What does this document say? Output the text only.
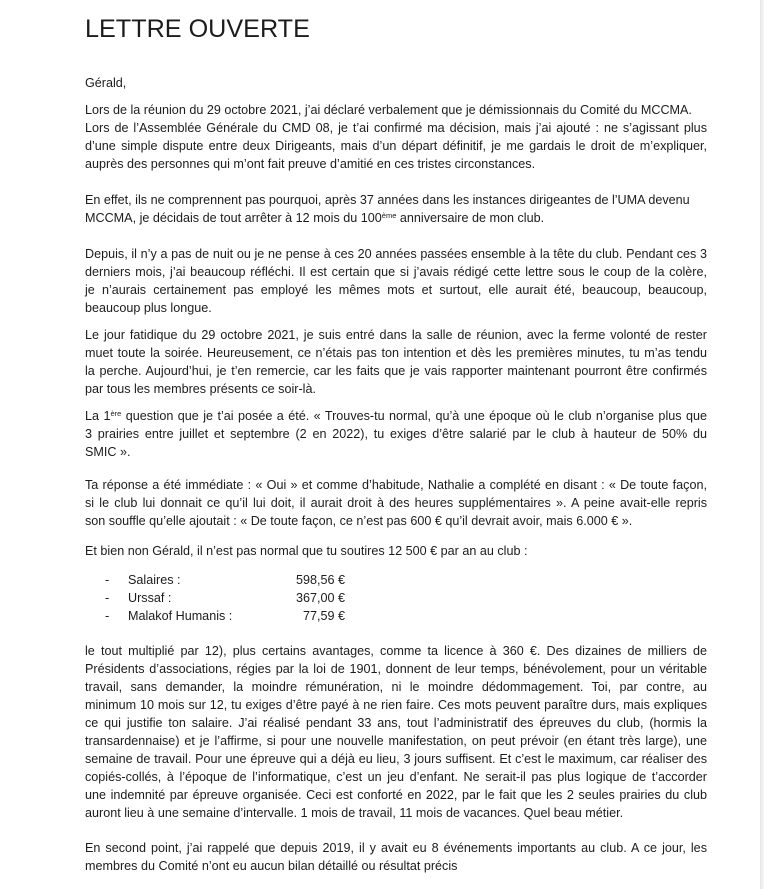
LETTRE OUVERTE

Gérald,

Lors de la réunion du 29 octobre 2021, j’ai déclaré verbalement que je démissionnais du Comité du MCCMA.
Lors de l’Assemblée Générale du CMD 08, je t’ai confirmé ma décision, mais j’ai ajouté : ne s’agissant plus
d’une simple dispute entre deux Dirigeants, mais d’un départ définitif, je me gardais le droit de m’expliquer,
auprès des personnes qui m’ont fait preuve d’amitié en ces tristes circonstances.

En effet, ils ne comprennent pas pourquoi, après 37 années dans les instances dirigeantes de l’UMA devenu
MCCMA, je décidais de tout arrêter à 12 mois du 100ème anniversaire de mon club.

Depuis, il n’y a pas de nuit ou je ne pense à ces 20 années passées ensemble à la tête du club. Pendant ces 3
derniers mois, j’ai beaucoup réfléchi. Il est certain que si j’avais rédigé cette lettre sous le coup de la colère,
je n’aurais certainement pas employé les mêmes mots et surtout, elle aurait été, beaucoup, beaucoup,
beaucoup plus longue.

Le jour fatidique du 29 octobre 2021, je suis entré dans la salle de réunion, avec la ferme volonté de rester
muet toute la soirée. Heureusement, ce n’étais pas ton intention et dès les premières minutes, tu m’as tendu
la perche. Aujourd’hui, je t’en remercie, car les faits que je vais rapporter maintenant pourront être confirmés
par tous les membres présents ce soir-là.

La 1ère question que je t’ai posée a été. « Trouves-tu normal, qu’à une époque où le club n’organise plus que
3 prairies entre juillet et septembre (2 en 2022), tu exiges d’être salarié par le club à hauteur de 50% du
SMIC ».

Ta réponse a été immédiate : « Oui » et comme d’habitude, Nathalie a complété en disant : « De toute façon,
si le club lui donnait ce qu’il lui doit, il aurait droit à des heures supplémentaires ». A peine avait-elle repris
son souffle qu’elle ajoutait : « De toute façon, ce n’est pas 600 € qu’il devrait avoir, mais 6.000 € ».

Et bien non Gérald, il n’est pas normal que tu soutires 12 500 € par an au club :

- Salaires :	598,56 €
- Urssaf :	367,00 €
- Malakof Humanis :	77,59 €

le tout multiplié par 12), plus certains avantages, comme ta licence à 360 €. Des dizaines de milliers de
Présidents d’associations, régies par la loi de 1901, donnent de leur temps, bénévolement, pour un véritable
travail, sans demander, la moindre rémunération, ni le moindre dédommagement. Toi, par contre, au
minimum 10 mois sur 12, tu exiges d’être payé à ne rien faire. Ces mots peuvent paraître durs, mais expliques
ce qui justifie ton salaire. J’ai réalisé pendant 33 ans, tout l’administratif des épreuves du club, (hormis la
transardennaise) et je l’affirme, si pour une nouvelle manifestation, on peut prévoir (en étant très large), une
semaine de travail. Pour une épreuve qui a déjà eu lieu, 3 jours suffisent. Et c’est le maximum, car réaliser des
copiés-collés, à l’époque de l’informatique, c’est un jeu d’enfant. Ne serait-il pas plus logique de t’accorder
une indemnité par épreuve organisée. Ceci est conforté en 2022, par le fait que les 2 seules prairies du club
auront lieu à une semaine d’intervalle. 1 mois de travail, 11 mois de vacances. Quel beau métier.

En second point, j’ai rappelé que depuis 2019, il y avait eu 8 événements importants au club. A ce jour, les
membres du Comité n’ont eu aucun bilan détaillé ou résultat précis
